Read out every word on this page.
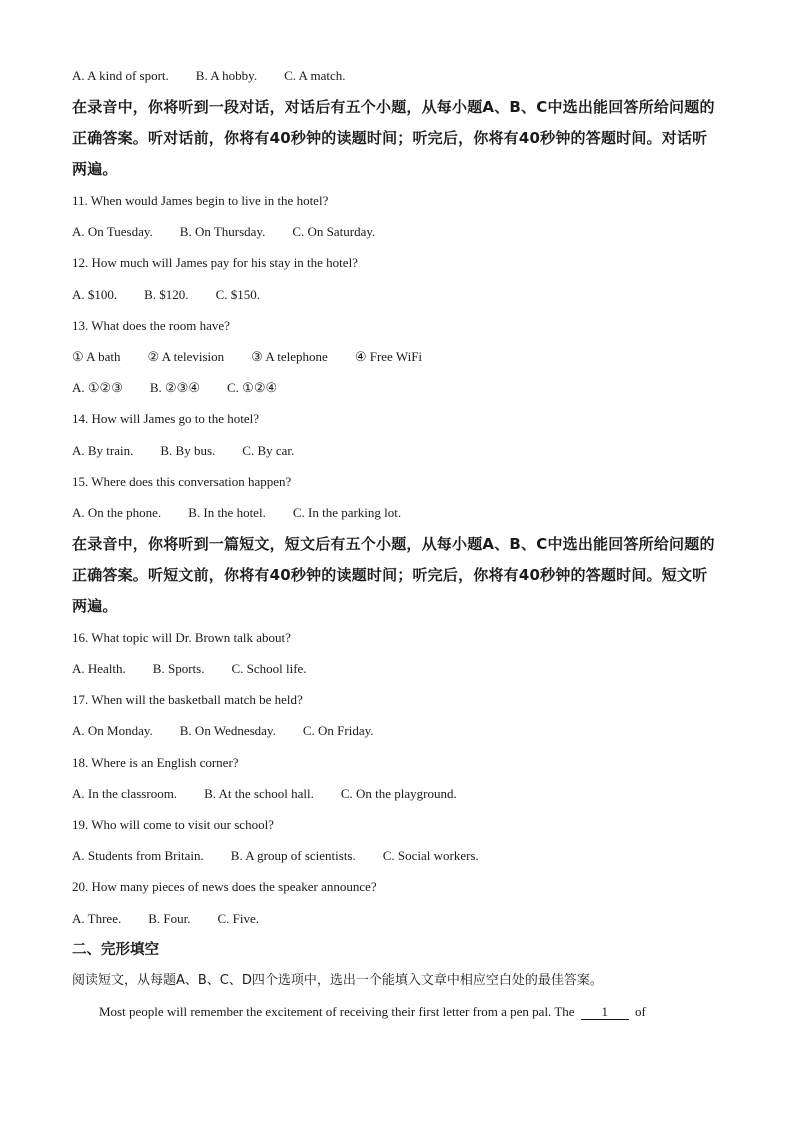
A. A kind of sport. B. A hobby. C. A match.
在录音中，你将听到一段对话，对话后有五个小题，从每小题A、B、C中选出能回答所给问题的正确答案。听对话前，你将有40秒钟的读题时间；听完后，你将有40秒钟的答题时间。对话听两遍。
11. When would James begin to live in the hotel?
A. On Tuesday. B. On Thursday. C. On Saturday.
12. How much will James pay for his stay in the hotel?
A. $100. B. $120. C. $150.
13. What does the room have?
① A bath ② A television ③ A telephone ④ Free WiFi
A. ①②③ B. ②③④ C. ①②④
14. How will James go to the hotel?
A. By train. B. By bus. C. By car.
15. Where does this conversation happen?
A. On the phone. B. In the hotel. C. In the parking lot.
在录音中，你将听到一篇短文，短文后有五个小题，从每小题A、B、C中选出能回答所给问题的正确答案。听短文前，你将有40秒钟的读题时间；听完后，你将有40秒钟的答题时间。短文听两遍。
16. What topic will Dr. Brown talk about?
A. Health. B. Sports. C. School life.
17. When will the basketball match be held?
A. On Monday. B. On Wednesday. C. On Friday.
18. Where is an English corner?
A. In the classroom. B. At the school hall. C. On the playground.
19. Who will come to visit our school?
A. Students from Britain. B. A group of scientists. C. Social workers.
20. How many pieces of news does the speaker announce?
A. Three. B. Four. C. Five.
二、完形填空
阅读短文，从每题A、B、C、D四个选项中，选出一个能填入文章中相应空白处的最佳答案。
Most people will remember the excitement of receiving their first letter from a pen pal. The 1 of
